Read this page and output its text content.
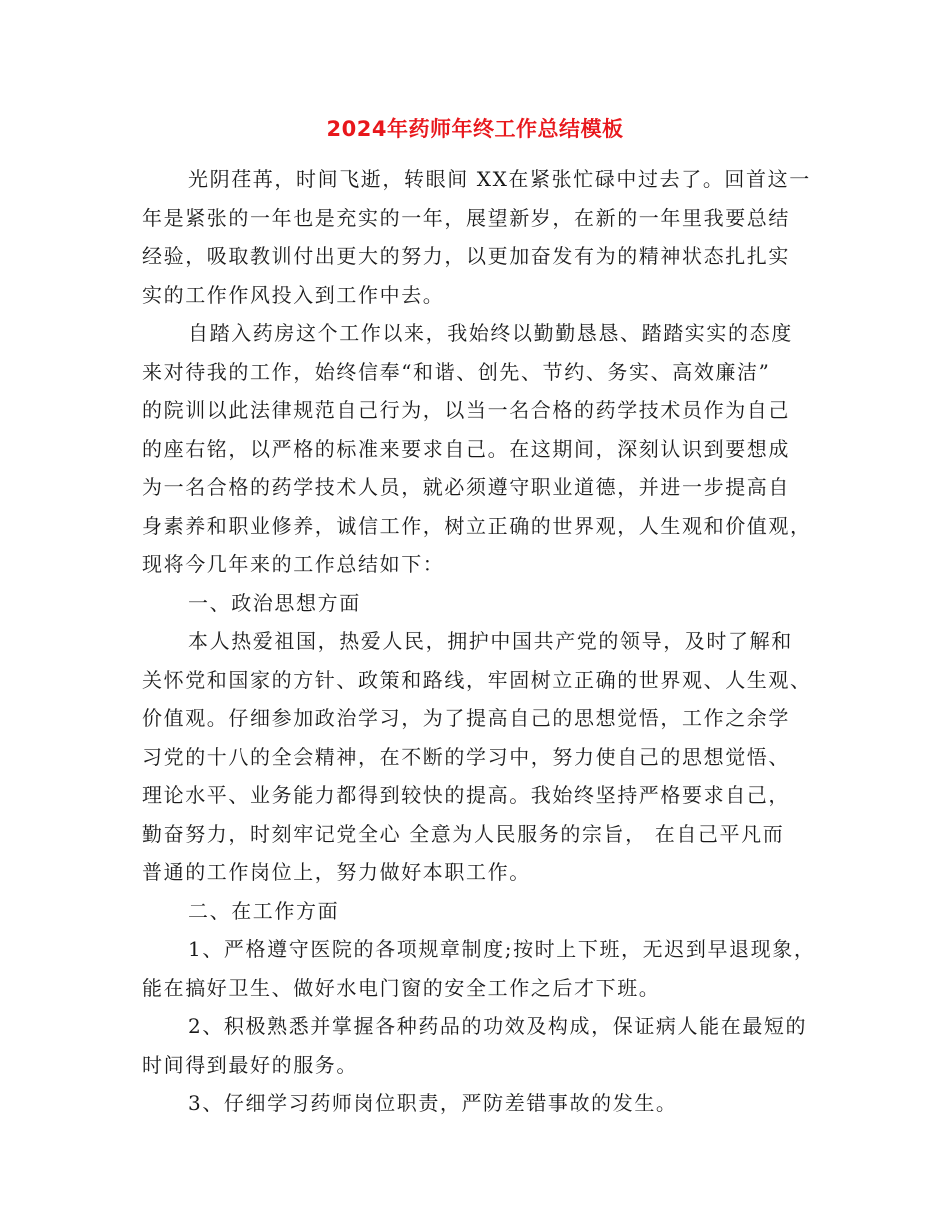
2024年药师年终工作总结模板
光阴荏苒，时间飞逝，转眼间 XX在紧张忙碌中过去了。回首这一
年是紧张的一年也是充实的一年，展望新岁，在新的一年里我要总结
经验，吸取教训付出更大的努力，以更加奋发有为的精神状态扎扎实
实的工作作风投入到工作中去。
自踏入药房这个工作以来，我始终以勤勤恳恳、踏踏实实的态度
来对待我的工作，始终信奉“和谐、创先、节约、务实、高效廉洁”
的院训以此法律规范自己行为，以当一名合格的药学技术员作为自己
的座右铭，以严格的标准来要求自己。在这期间，深刻认识到要想成
为一名合格的药学技术人员，就必须遵守职业道德，并进一步提高自
身素养和职业修养，诚信工作，树立正确的世界观，人生观和价值观，
现将今几年来的工作总结如下：
一、政治思想方面
本人热爱祖国，热爱人民，拥护中国共产党的领导，及时了解和
关怀党和国家的方针、政策和路线，牢固树立正确的世界观、人生观、
价值观。仔细参加政治学习，为了提高自己的思想觉悟，工作之余学
习党的十八的全会精神，在不断的学习中，努力使自己的思想觉悟、
理论水平、业务能力都得到较快的提高。我始终坚持严格要求自己，
勤奋努力，时刻牢记党全心 全意为人民服务的宗旨， 在自己平凡而
普通的工作岗位上，努力做好本职工作。
二、在工作方面
1、严格遵守医院的各项规章制度;按时上下班，无迟到早退现象，
能在搞好卫生、做好水电门窗的安全工作之后才下班。
2、积极熟悉并掌握各种药品的功效及构成，保证病人能在最短的
时间得到最好的服务。
3、仔细学习药师岗位职责，严防差错事故的发生。
